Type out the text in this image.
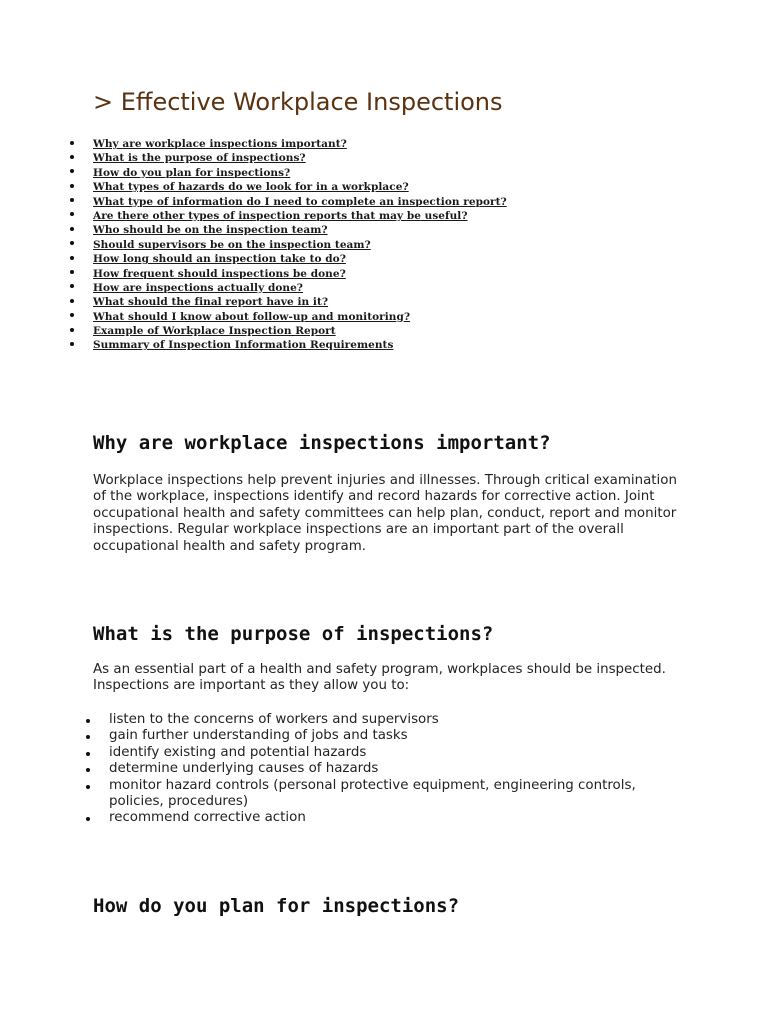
> Effective Workplace Inspections
Why are workplace inspections important?
What is the purpose of inspections?
How do you plan for inspections?
What types of hazards do we look for in a workplace?
What type of information do I need to complete an inspection report?
Are there other types of inspection reports that may be useful?
Who should be on the inspection team?
Should supervisors be on the inspection team?
How long should an inspection take to do?
How frequent should inspections be done?
How are inspections actually done?
What should the final report have in it?
What should I know about follow-up and monitoring?
Example of Workplace Inspection Report
Summary of Inspection Information Requirements
Why are workplace inspections important?

Workplace inspections help prevent injuries and illnesses. Through critical examination of the workplace, inspections identify and record hazards for corrective action. Joint occupational health and safety committees can help plan, conduct, report and monitor inspections. Regular workplace inspections are an important part of the overall occupational health and safety program.

What is the purpose of inspections?

As an essential part of a health and safety program, workplaces should be inspected. Inspections are important as they allow you to:

listen to the concerns of workers and supervisors
gain further understanding of jobs and tasks
identify existing and potential hazards
determine underlying causes of hazards
monitor hazard controls (personal protective equipment, engineering controls, policies, procedures)
recommend corrective action
How do you plan for inspections?
